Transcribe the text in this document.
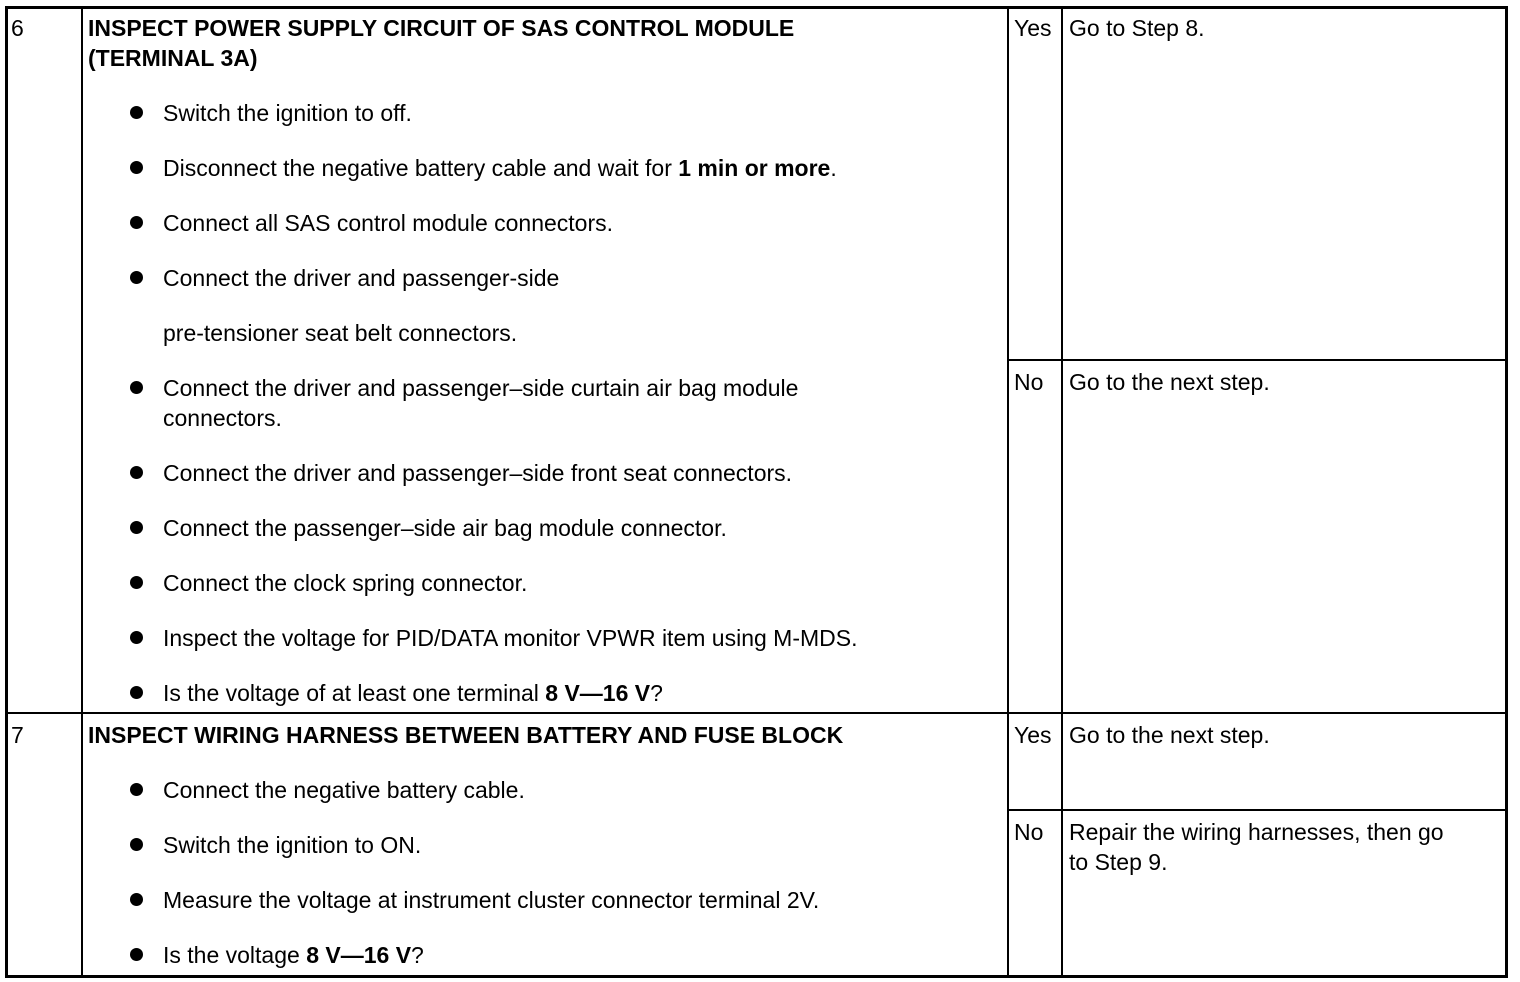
6	INSPECT POWER SUPPLY CIRCUIT OF SAS CONTROL MODULE
(TERMINAL 3A)
Switch the ignition to off.
Disconnect the negative battery cable and wait for 1 min or more.
Connect all SAS control module connectors.
Connect the driver and passenger-side
pre-tensioner seat belt connectors.
Connect the driver and passenger–side curtain air bag module
connectors.
Connect the driver and passenger–side front seat connectors.
Connect the passenger–side air bag module connector.
Connect the clock spring connector.
Inspect the voltage for PID/DATA monitor VPWR item using M-MDS.
Is the voltage of at least one terminal 8 V—16 V?
Yes Go to Step 8.
No Go to the next step.
7	INSPECT WIRING HARNESS BETWEEN BATTERY AND FUSE BLOCK
Connect the negative battery cable.
Switch the ignition to ON.
Measure the voltage at instrument cluster connector terminal 2V.
Is the voltage 8 V—16 V?
Yes Go to the next step.
No Repair the wiring harnesses, then go
to Step 9.
